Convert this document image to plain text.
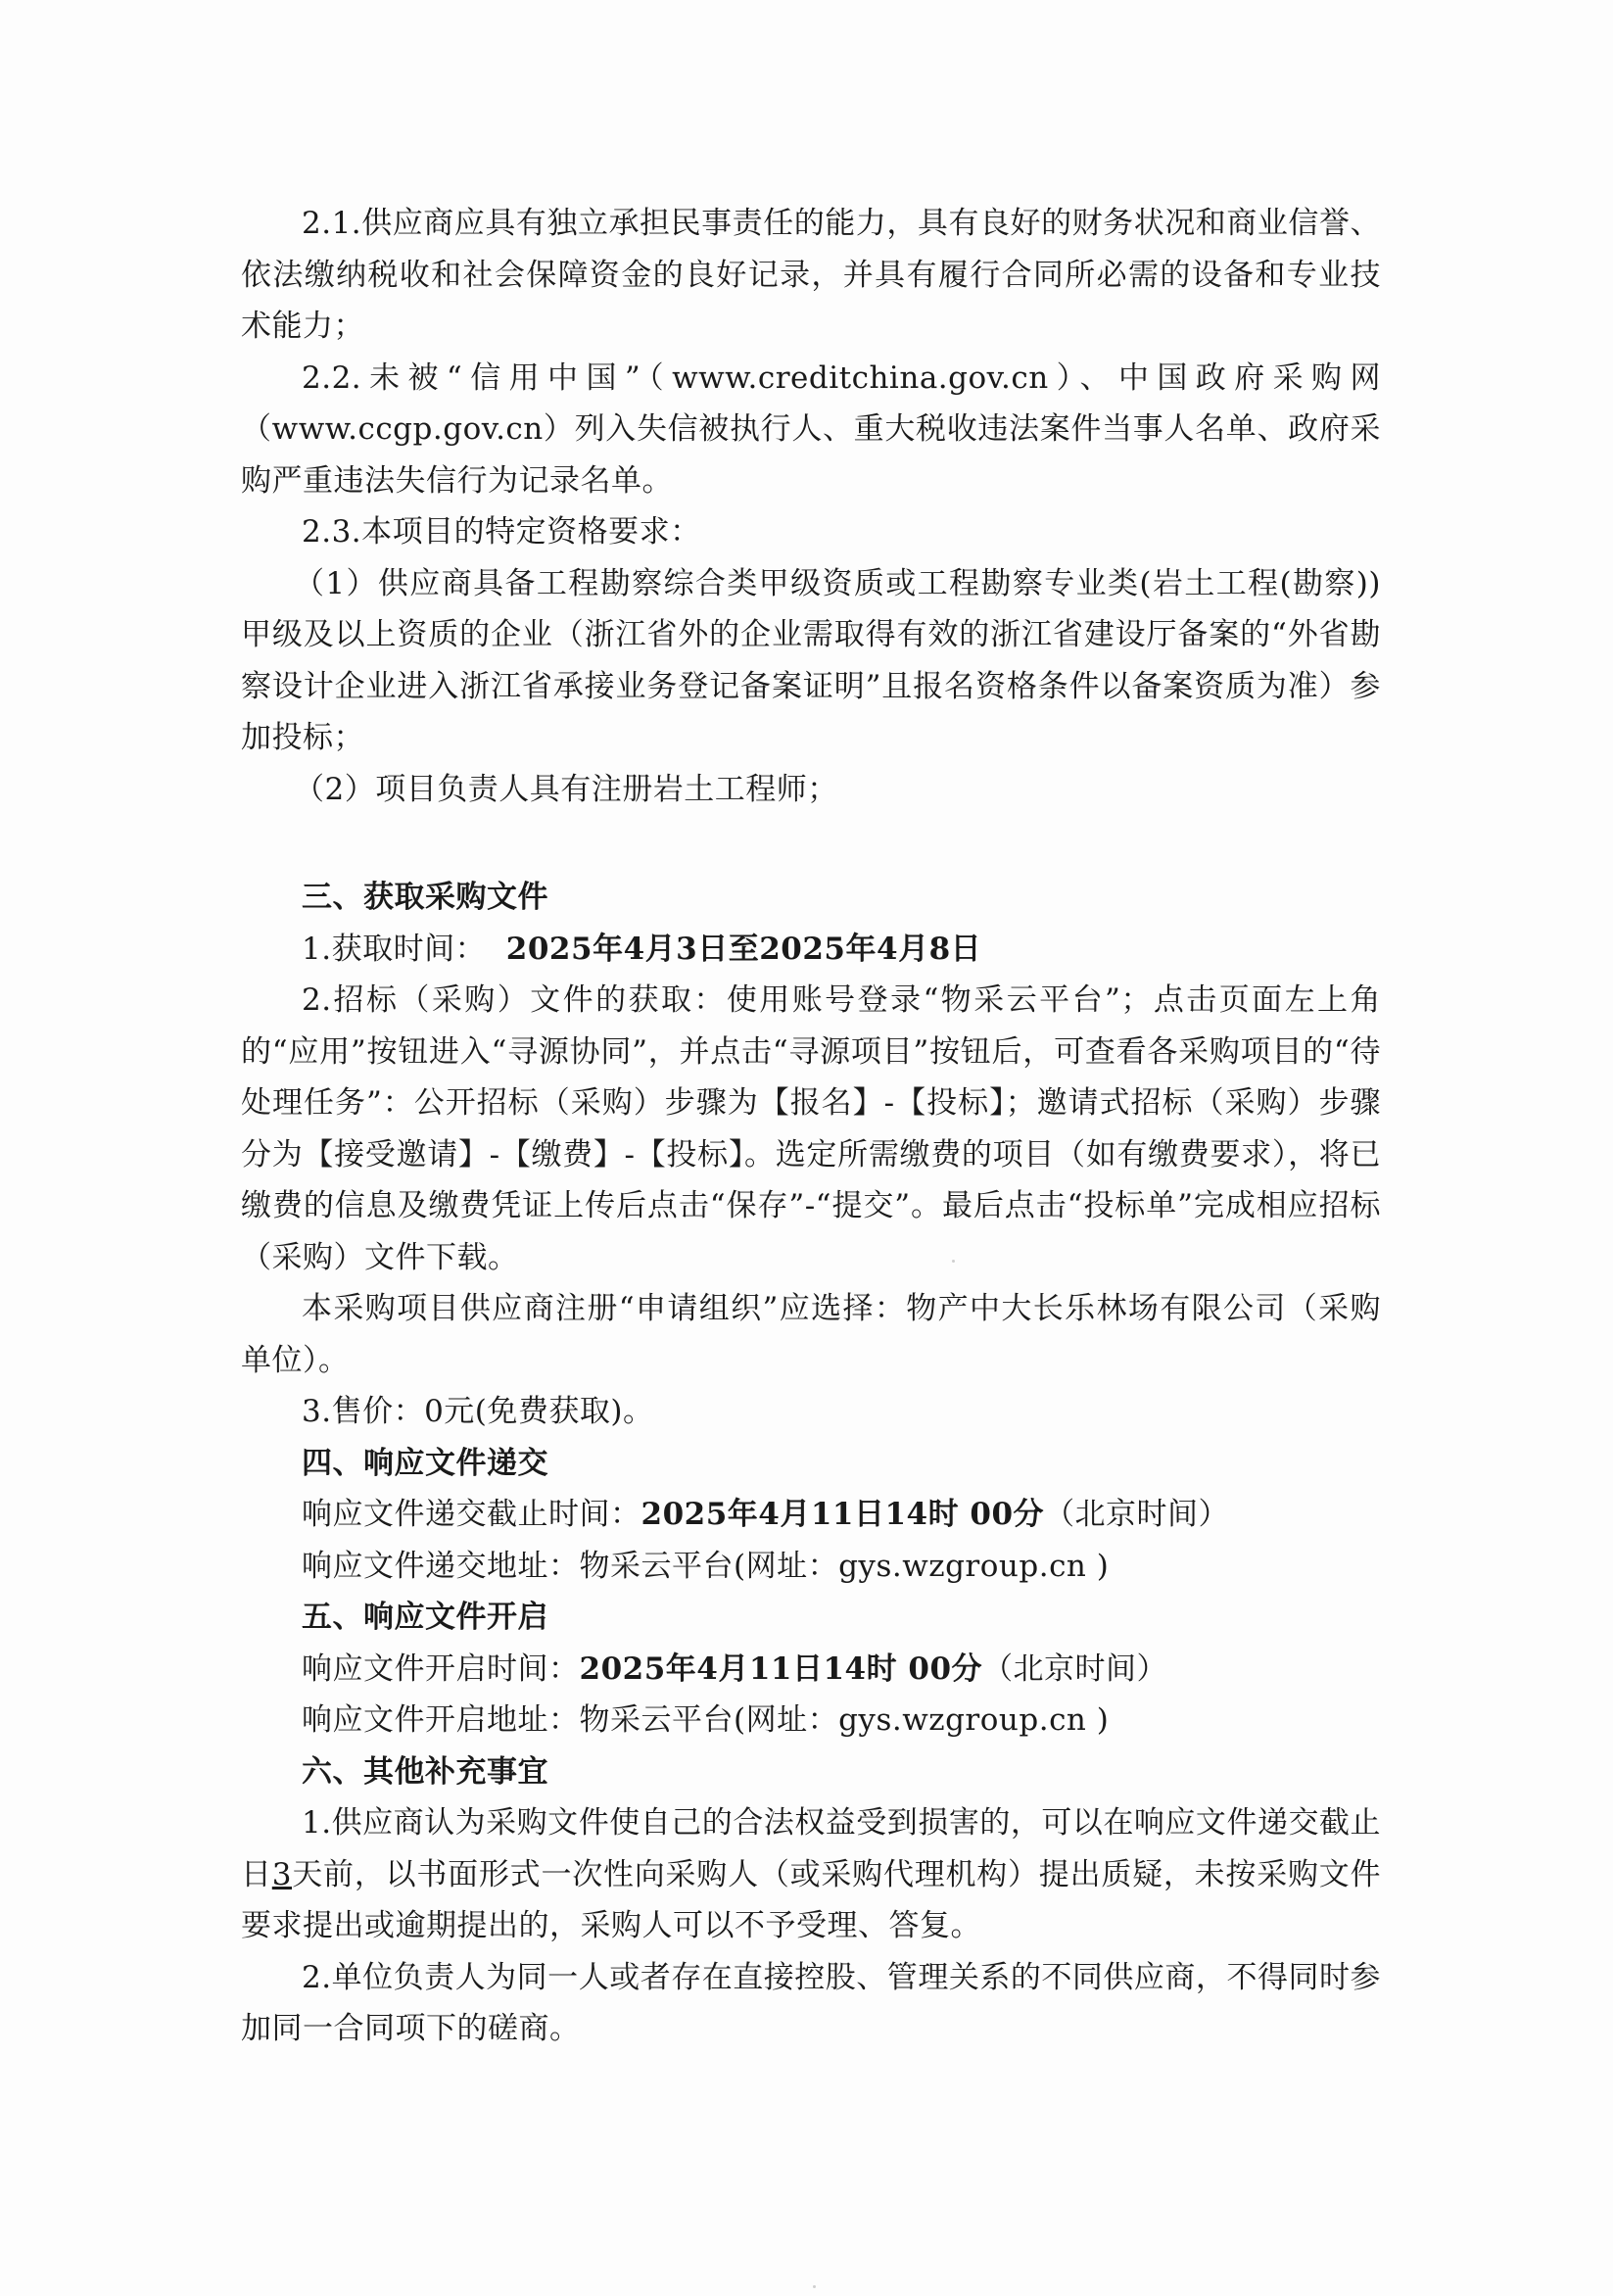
2.1.供应商应具有独立承担民事责任的能力，具有良好的财务状况和商业信誉、依法缴纳税收和社会保障资金的良好记录，并具有履行合同所必需的设备和专业技术能力；

2.2.未被“信用中国”（www.creditchina.gov.cn）、中国政府采购网（www.ccgp.gov.cn）列入失信被执行人、重大税收违法案件当事人名单、政府采购严重违法失信行为记录名单。

2.3.本项目的特定资格要求：

（1）供应商具备工程勘察综合类甲级资质或工程勘察专业类(岩土工程(勘察))甲级及以上资质的企业（浙江省外的企业需取得有效的浙江省建设厅备案的“外省勘察设计企业进入浙江省承接业务登记备案证明”且报名资格条件以备案资质为准）参加投标；

（2）项目负责人具有注册岩土工程师；

三、获取采购文件

1.获取时间： 2025年4月3日至2025年4月8日

2.招标（采购）文件的获取：使用账号登录“物采云平台”；点击页面左上角的“应用”按钮进入“寻源协同”，并点击“寻源项目”按钮后，可查看各采购项目的“待处理任务”：公开招标（采购）步骤为【报名】-【投标】；邀请式招标（采购）步骤分为【接受邀请】-【缴费】-【投标】。选定所需缴费的项目（如有缴费要求），将已缴费的信息及缴费凭证上传后点击“保存”-“提交”。最后点击“投标单”完成相应招标（采购）文件下载。

本采购项目供应商注册“申请组织”应选择：物产中大长乐林场有限公司（采购单位）。

3.售价：0元(免费获取)。

四、响应文件递交

响应文件递交截止时间：2025年4月11日14时 00分（北京时间）

响应文件递交地址：物采云平台(网址：gys.wzgroup.cn )

五、响应文件开启

响应文件开启时间：2025年4月11日14时 00分（北京时间）

响应文件开启地址：物采云平台(网址：gys.wzgroup.cn )

六、其他补充事宜

1.供应商认为采购文件使自己的合法权益受到损害的，可以在响应文件递交截止日3天前，以书面形式一次性向采购人（或采购代理机构）提出质疑，未按采购文件要求提出或逾期提出的，采购人可以不予受理、答复。

2.单位负责人为同一人或者存在直接控股、管理关系的不同供应商，不得同时参加同一合同项下的磋商。
